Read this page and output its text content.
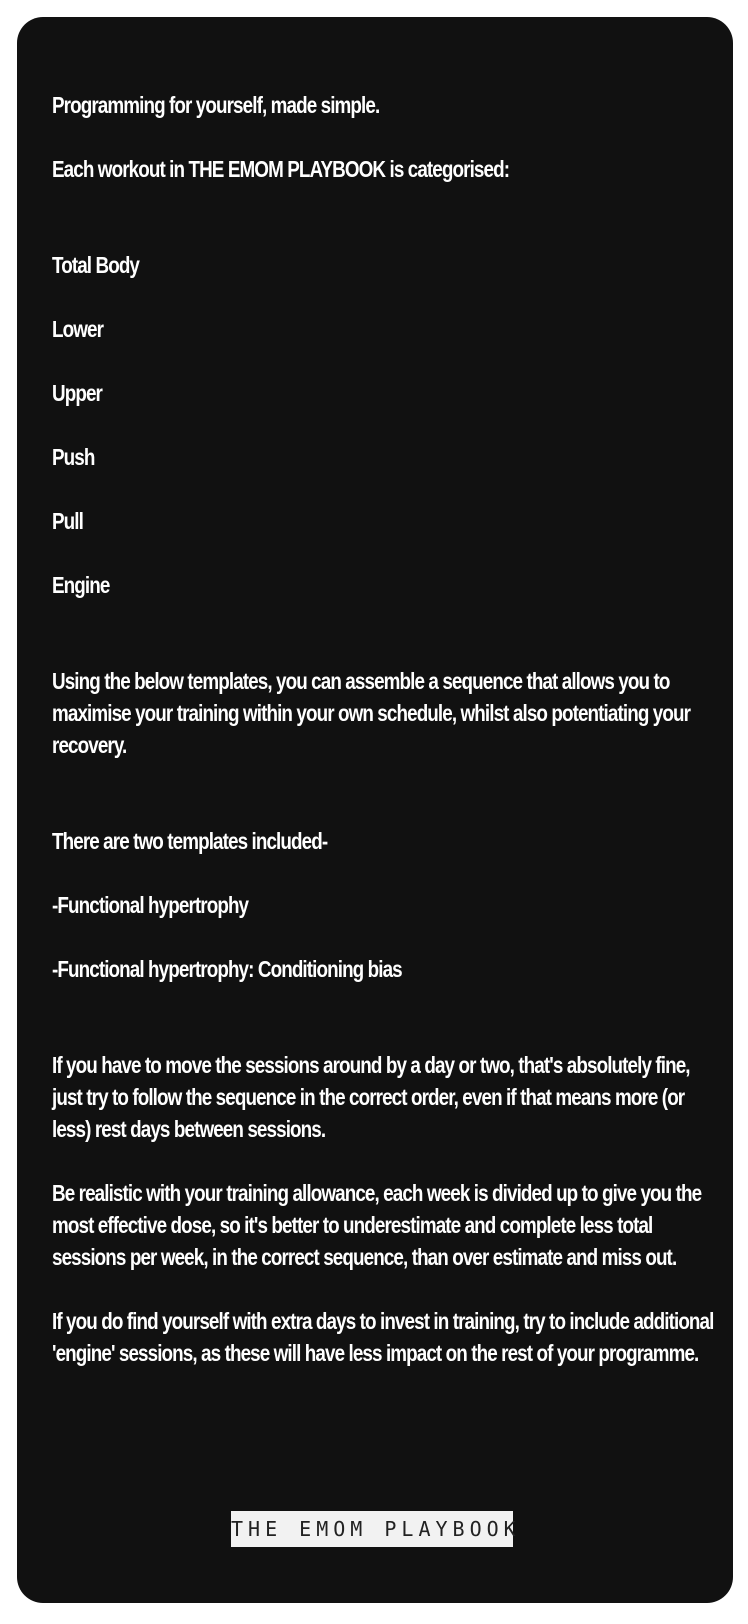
Programming for yourself, made simple.

Each workout in THE EMOM PLAYBOOK is categorised:

Total Body

Lower

Upper

Push

Pull

Engine

Using the below templates, you can assemble a sequence that allows you to maximise your training within your own schedule, whilst also potentiating your recovery.

There are two templates included-

-Functional hypertrophy

-Functional hypertrophy: Conditioning bias

If you have to move the sessions around by a day or two, that's absolutely fine, just try to follow the sequence in the correct order, even if that means more (or less) rest days between sessions.

Be realistic with your training allowance, each week is divided up to give you the most effective dose, so it's better to underestimate and complete less total sessions per week, in the correct sequence, than over estimate and miss out.

If you do find yourself with extra days to invest in training, try to include additional 'engine' sessions, as these will have less impact on the rest of your programme.

THE EMOM PLAYBOOK
